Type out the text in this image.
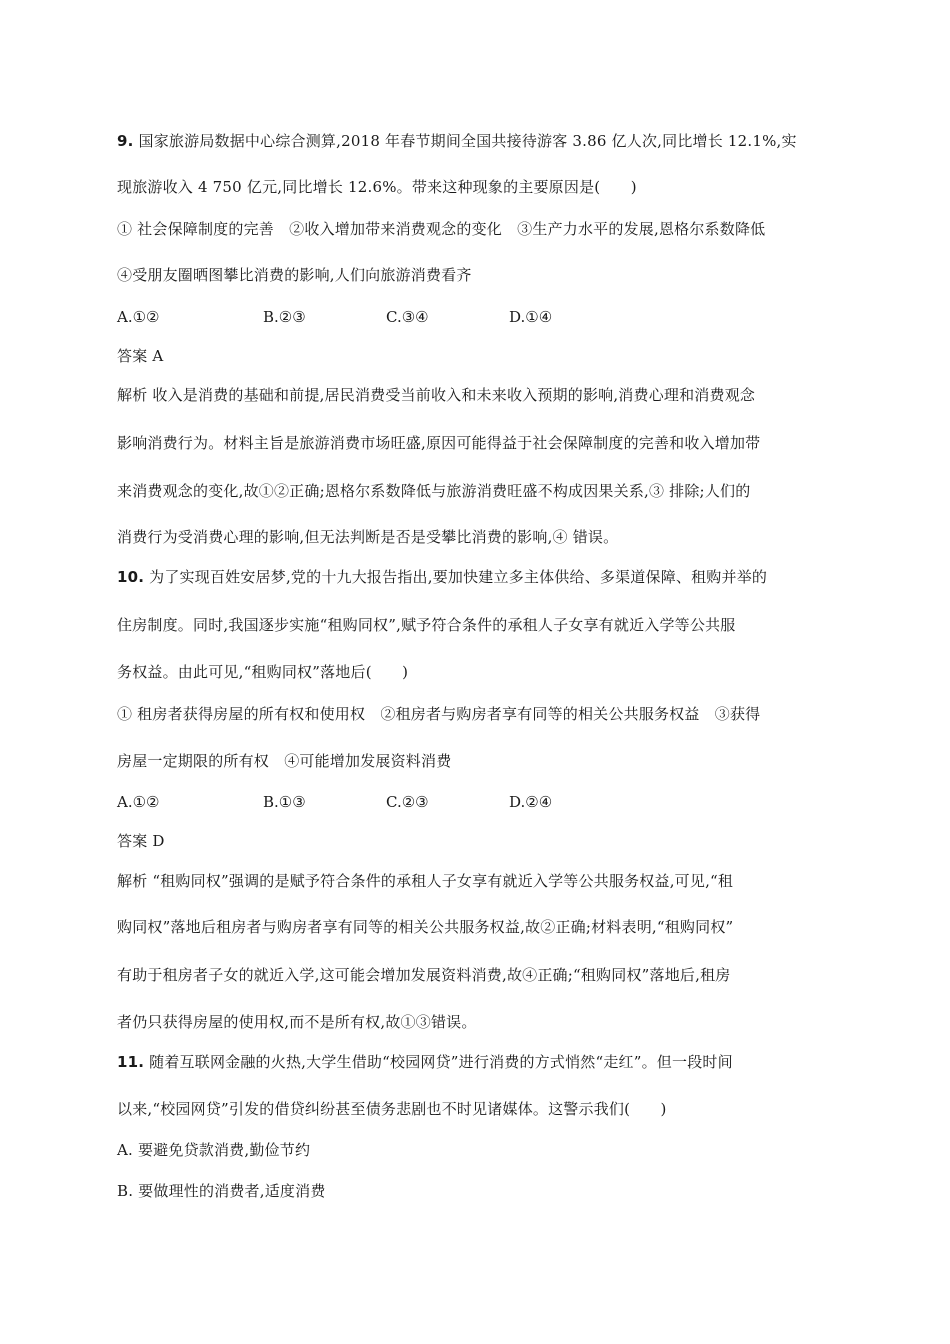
9. 国家旅游局数据中心综合测算,2018 年春节期间全国共接待游客 3.86 亿人次,同比增长 12.1%,实
现旅游收入 4 750 亿元,同比增长 12.6%。带来这种现象的主要原因是(　　)
① 社会保障制度的完善　②收入增加带来消费观念的变化　③生产力水平的发展,恩格尔系数降低
④受朋友圈晒图攀比消费的影响,人们向旅游消费看齐
A.①②	B.②③	C.③④	D.①④
答案 A
解析 收入是消费的基础和前提,居民消费受当前收入和未来收入预期的影响,消费心理和消费观念
影响消费行为。材料主旨是旅游消费市场旺盛,原因可能得益于社会保障制度的完善和收入增加带
来消费观念的变化,故①②正确;恩格尔系数降低与旅游消费旺盛不构成因果关系,③ 排除;人们的
消费行为受消费心理的影响,但无法判断是否是受攀比消费的影响,④ 错误。
10. 为了实现百姓安居梦,党的十九大报告指出,要加快建立多主体供给、多渠道保障、租购并举的
住房制度。同时,我国逐步实施“租购同权”,赋予符合条件的承租人子女享有就近入学等公共服
务权益。由此可见,“租购同权”落地后(　　)
① 租房者获得房屋的所有权和使用权　②租房者与购房者享有同等的相关公共服务权益　③获得
房屋一定期限的所有权　④可能增加发展资料消费
A.①②	B.①③	C.②③	D.②④
答案 D
解析 “租购同权”强调的是赋予符合条件的承租人子女享有就近入学等公共服务权益,可见,“租
购同权”落地后租房者与购房者享有同等的相关公共服务权益,故②正确;材料表明,“租购同权”
有助于租房者子女的就近入学,这可能会增加发展资料消费,故④正确;“租购同权”落地后,租房
者仍只获得房屋的使用权,而不是所有权,故①③错误。
11. 随着互联网金融的火热,大学生借助“校园网贷”进行消费的方式悄然“走红”。但一段时间
以来,“校园网贷”引发的借贷纠纷甚至债务悲剧也不时见诸媒体。这警示我们(　　)
A. 要避免贷款消费,勤俭节约
B. 要做理性的消费者,适度消费
